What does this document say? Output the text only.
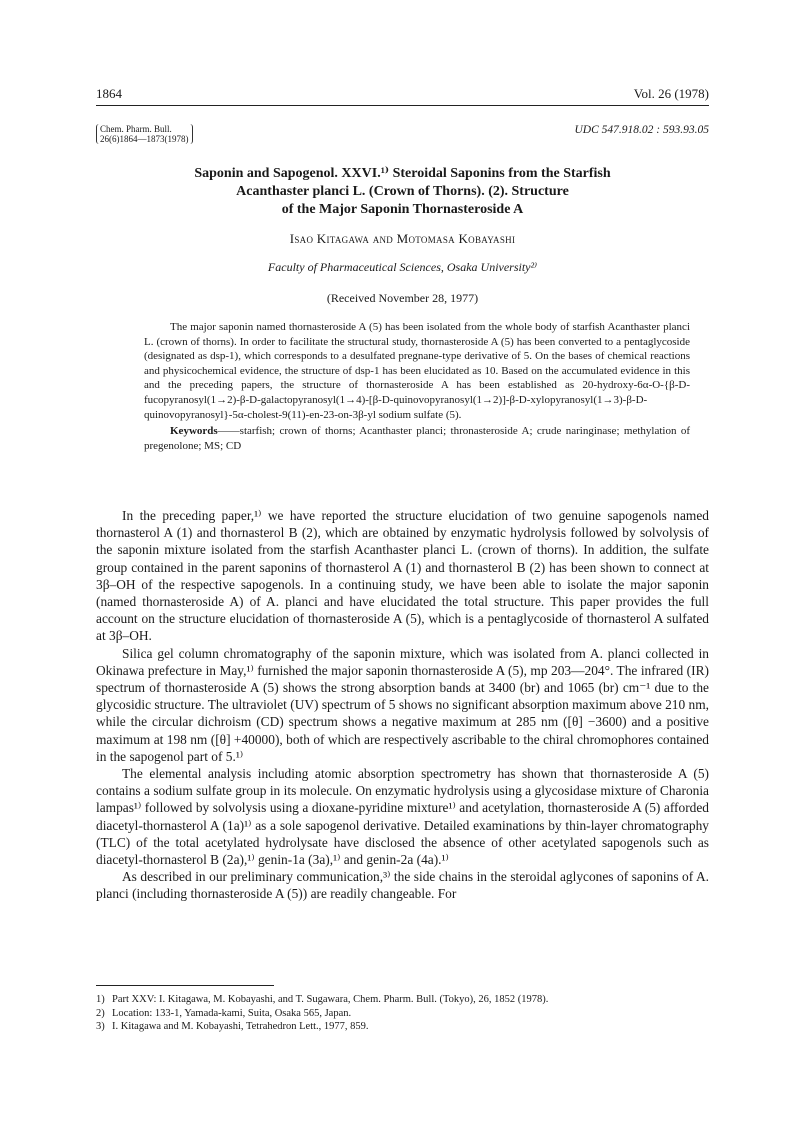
1864	Vol. 26 (1978)
Chem. Pharm. Bull.
26(6)1864—1873(1978)
UDC 547.918.02 : 593.93.05
Saponin and Sapogenol. XXVI.¹⁾ Steroidal Saponins from the Starfish
Acanthaster planci L. (Crown of Thorns). (2). Structure
of the Major Saponin Thornasteroside A
Isao Kitagawa and Motomasa Kobayashi
Faculty of Pharmaceutical Sciences, Osaka University²⁾
(Received November 28, 1977)

The major saponin named thornasteroside A (5) has been isolated from the whole body of starfish Acanthaster planci L. (crown of thorns). In order to facilitate the structural study, thornasteroside A (5) has been converted to a pentaglycoside (designated as dsp-1), which corresponds to a desulfated pregnane-type derivative of 5. On the bases of chemical reactions and physicochemical evidence, the structure of dsp-1 has been elucidated as 10. Based on the accumulated evidence in this and the preceding papers, the structure of thornasteroside A has been established as 20-hydroxy-6α-O-{β-D-fucopyranosyl(1→2)-β-D-galactopyranosyl(1→4)-[β-D-quinovopyranosyl(1→2)]-β-D-xylopyranosyl(1→3)-β-D-quinovopyranosyl}-5α-cholest-9(11)-en-23-on-3β-yl sodium sulfate (5).

Keywords——starfish; crown of thorns; Acanthaster planci; thronasteroside A; crude naringinase; methylation of pregenolone; MS; CD

In the preceding paper,¹⁾ we have reported the structure elucidation of two genuine sapogenols named thornasterol A (1) and thornasterol B (2), which are obtained by enzymatic hydrolysis followed by solvolysis of the saponin mixture isolated from the starfish Acanthaster planci L. (crown of thorns). In addition, the sulfate group contained in the parent saponins of thornasterol A (1) and thornasterol B (2) has been shown to connect at 3β–OH of the respective sapogenols. In a continuing study, we have been able to isolate the major saponin (named thornasteroside A) of A. planci and have elucidated the total structure. This paper provides the full account on the structure elucidation of thornasteroside A (5), which is a pentaglycoside of thornasterol A sulfated at 3β–OH.

Silica gel column chromatography of the saponin mixture, which was isolated from A. planci collected in Okinawa prefecture in May,¹⁾ furnished the major saponin thornasteroside A (5), mp 203—204°. The infrared (IR) spectrum of thornasteroside A (5) shows the strong absorption bands at 3400 (br) and 1065 (br) cm⁻¹ due to the glycosidic structure. The ultraviolet (UV) spectrum of 5 shows no significant absorption maximum above 210 nm, while the circular dichroism (CD) spectrum shows a negative maximum at 285 nm ([θ] −3600) and a positive maximum at 198 nm ([θ] +40000), both of which are respectively ascribable to the chiral chromophores contained in the sapogenol part of 5.¹⁾

The elemental analysis including atomic absorption spectrometry has shown that thornasteroside A (5) contains a sodium sulfate group in its molecule. On enzymatic hydrolysis using a glycosidase mixture of Charonia lampas¹⁾ followed by solvolysis using a dioxane-pyridine mixture¹⁾ and acetylation, thornasteroside A (5) afforded diacetyl-thornasterol A (1a)¹⁾ as a sole sapogenol derivative. Detailed examinations by thin-layer chromatography (TLC) of the total acetylated hydrolysate have disclosed the absence of other acetylated sapogenols such as diacetyl-thornasterol B (2a),¹⁾ genin-1a (3a),¹⁾ and genin-2a (4a).¹⁾

As described in our preliminary communication,³⁾ the side chains in the steroidal aglycones of saponins of A. planci (including thornasteroside A (5)) are readily changeable. For

1) Part XXV: I. Kitagawa, M. Kobayashi, and T. Sugawara, Chem. Pharm. Bull. (Tokyo), 26, 1852 (1978).
2) Location: 133-1, Yamada-kami, Suita, Osaka 565, Japan.
3) I. Kitagawa and M. Kobayashi, Tetrahedron Lett., 1977, 859.
